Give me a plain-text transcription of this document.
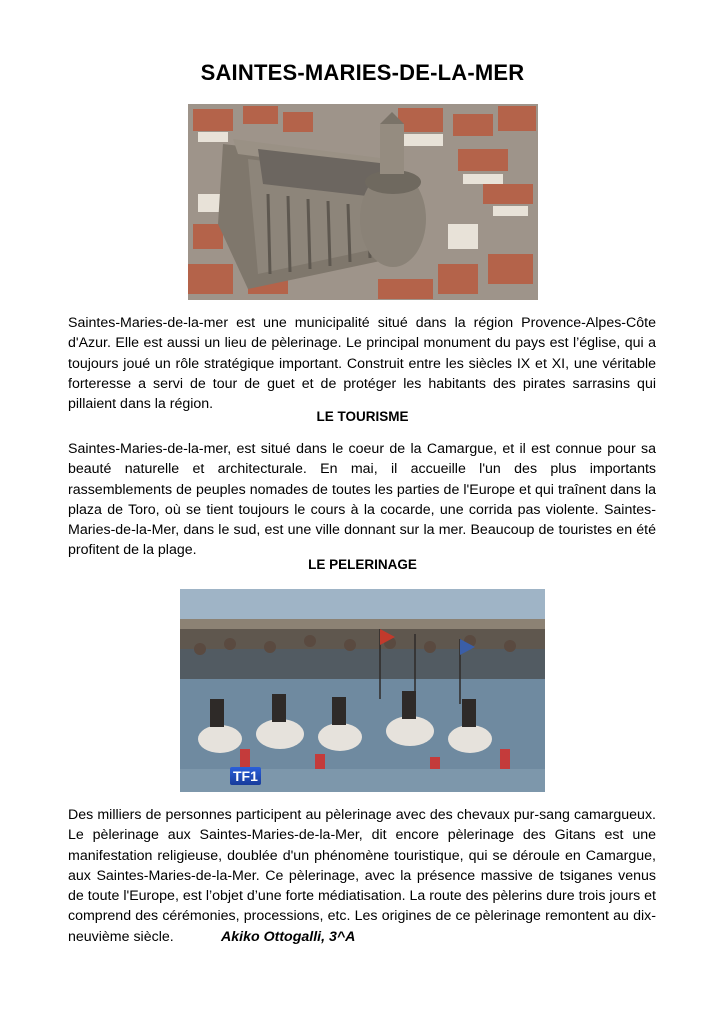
SAINTES-MARIES-DE-LA-MER
Saintes-Maries-de-la-mer est une municipalité situé dans la région Provence-Alpes-Côte d'Azur. Elle est aussi un lieu de pèlerinage. Le principal monument du pays est l’église, qui a toujours joué un rôle stratégique important. Construit entre les siècles IX et XI, une véritable forteresse a servi de tour de guet et de protéger les habitants des pirates sarrasins qui pillaient dans la région.
LE TOURISME
Saintes-Maries-de-la-mer, est situé dans le coeur de la Camargue, et il est connue pour sa beauté naturelle et architecturale. En mai, il accueille l'un des plus importants rassemblements de peuples nomades de toutes les parties de l'Europe et qui traînent dans la plaza de Toro, où se tient toujours le cours à la cocarde, une corrida pas violente. Saintes-Maries-de-la-Mer, dans le sud, est une ville donnant sur la mer. Beaucoup de touristes en été profitent de la plage.
LE PELERINAGE
TF1
Des milliers de personnes participent au pèlerinage avec des chevaux pur-sang camargueux. Le pèlerinage aux Saintes-Maries-de-la-Mer, dit encore pèlerinage des Gitans est une manifestation religieuse, doublée d'un phénomène touristique, qui se déroule en Camargue, aux Saintes-Maries-de-la-Mer. Ce pèlerinage, avec la présence massive de tsiganes venus de toute l'Europe, est l’objet d’une forte médiatisation. La route des pèlerins dure trois jours et comprend des cérémonies, processions, etc. Les origines de ce pèlerinage remontent au dix-neuvième siècle.	Akiko Ottogalli, 3^A
